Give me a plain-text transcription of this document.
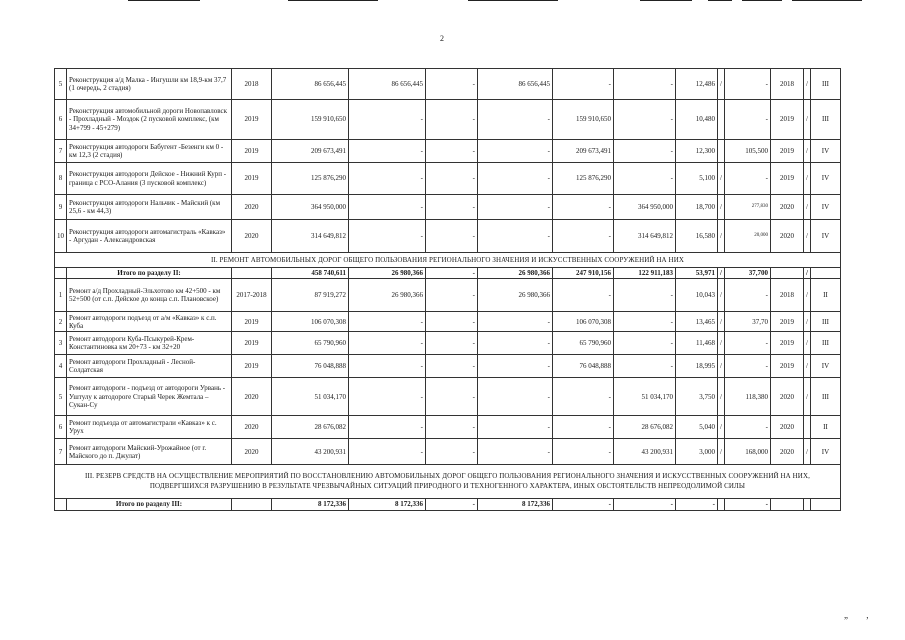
2
5	Реконструкция а/д Малка - Ингушли км 18,9-км 37,7 (1 очередь, 2 стадия)	2018	86 656,445	86 656,445	-	86 656,445	-	-	12,486	/	-	2018	/	III
6	Реконструкция автомобильной дороги Новопавловск - Прохладный - Моздок (2 пусковой комплекс, (км 34+799 - 45+279)	2019	159 910,650	-	-	-	159 910,650	-	10,480		-	2019	/	III
7	Реконструкция автодороги Бабугент -Безенги км 0 - км 12,3 (2 стадия)	2019	209 673,491	-	-	-	209 673,491	-	12,300		105,500	2019	/	IV
8	Реконструкция автодороги Дейское - Нижний Курп - граница с РСО-Алания (3 пусковой комплекс)	2019	125 876,290	-	-	-	125 876,290	-	5,100	/	-	2019	/	IV
9	Реконструкция автодороги Нальчик - Майский (км 25,6 - км 44,3)	2020	364 950,000	-	-	-	-	364 950,000	18,700	/	277,830	2020	/	IV
10	Реконструкция автодороги автомагистраль «Кавказ» - Аргудан - Александровская	2020	314 649,812	-	-	-	-	314 649,812	16,580	/	20,000	2020	/	IV
II. РЕМОНТ АВТОМОБИЛЬНЫХ ДОРОГ ОБЩЕГО ПОЛЬЗОВАНИЯ РЕГИОНАЛЬНОГО ЗНАЧЕНИЯ И ИСКУССТВЕННЫХ СООРУЖЕНИЙ НА НИХ														
	Итого по разделу II:		458 740,611	26 980,366	-	26 980,366	247 910,156	122 911,183	53,971	/	37,700		/	
1	Ремонт а/д Прохладный-Эльхотово км 42+500 - км 52+500 (от с.п. Дейское до конца с.п. Плановское)	2017-2018	87 919,272	26 980,366	-	26 980,366	-	-	10,043	/	-	2018	/	II
2	Ремонт автодороги подъезд от а/м «Кавказ» к с.п. Куба	2019	106 070,308	-	-	-	106 070,308	-	13,465	/	37,70	2019	/	III
3	Ремонт автодороги Куба-Псыкурей-Крем-Константиновка км 20+73 - км 32+20	2019	65 790,960	-	-	-	65 790,960	-	11,468	/	-	2019	/	III
4	Ремонт автодороги Прохладный - Лесной-Солдатская	2019	76 048,888	-	-	-	76 048,888	-	18,995	/	-	2019	/	IV
5	Ремонт автодороги - подъезд от автодороги Урвань - Уштулу к автодороге Старый Черек Жемтала – Сукан-Су	2020	51 034,170	-	-	-	-	51 034,170	3,750	/	118,380	2020	/	III
6	Ремонт подъезда от автомагистрали «Кавказ» к с. Урух	2020	28 676,082	-	-	-	-	28 676,082	5,040	/	-	2020		II
7	Ремонт автодороги Майский-Урожайное (от г. Майского до п. Джулат)	2020	43 200,931	-	-	-	-	43 200,931	3,000	/	168,000	2020	/	IV
III. РЕЗЕРВ СРЕДСТВ НА ОСУЩЕСТВЛЕНИЕ МЕРОПРИЯТИЙ ПО ВОССТАНОВЛЕНИЮ АВТОМОБИЛЬНЫХ ДОРОГ ОБЩЕГО ПОЛЬЗОВАНИЯ РЕГИОНАЛЬНОГО ЗНАЧЕНИЯ И ИСКУССТВЕННЫХ СООРУЖЕНИЙ НА НИХ, ПОДВЕРГШИХСЯ РАЗРУШЕНИЮ В РЕЗУЛЬТАТЕ ЧРЕЗВЫЧАЙНЫХ СИТУАЦИЙ ПРИРОДНОГО И ТЕХНОГЕННОГО ХАРАКТЕРА, ИНЫХ ОБСТОЯТЕЛЬСТВ НЕПРЕОДОЛИМОЙ СИЛЫ														
	Итого по разделу III:		8 172,336	8 172,336	-	8 172,336	-	-	-		-			
„ ,
